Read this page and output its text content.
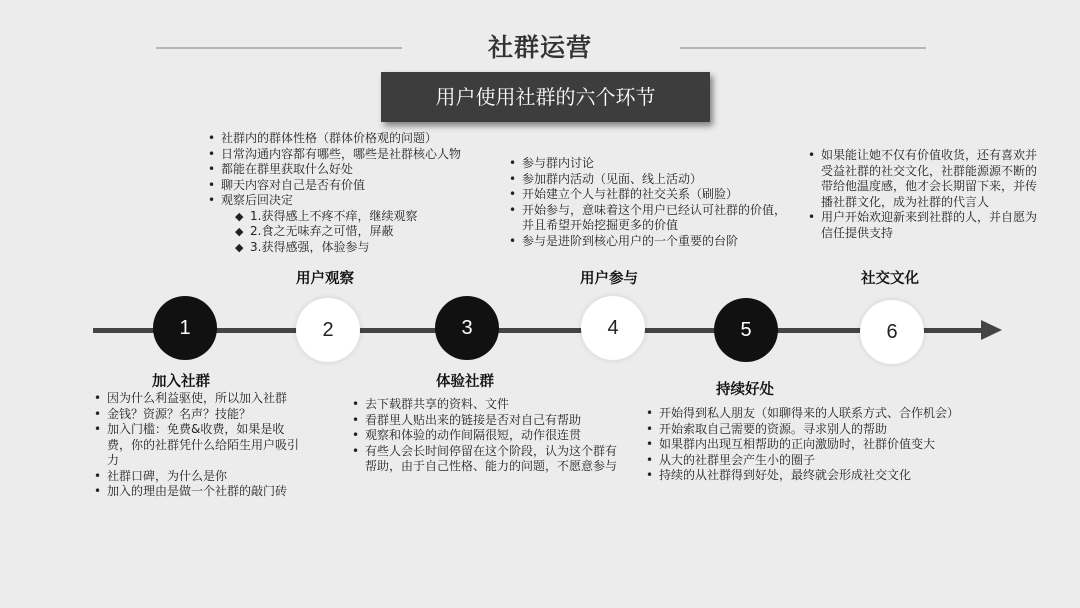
社群运营
用户使用社群的六个环节
• 社群内的群体性格（群体价格观的问题）
• 日常沟通内容都有哪些，哪些是社群核心人物
• 都能在群里获取什么好处
• 聊天内容对自己是否有价值
• 观察后回决定
◆ 1.获得感上不疼不痒，继续观察
◆ 2.食之无味弃之可惜，屏蔽
◆ 3.获得感强，体验参与
• 参与群内讨论
• 参加群内活动（见面、线上活动）
• 开始建立个人与社群的社交关系（刷脸）
• 开始参与，意味着这个用户已经认可社群的价值，并且希望开始挖掘更多的价值
• 参与是进阶到核心用户的一个重要的台阶
• 如果能让她不仅有价值收货，还有喜欢并受益社群的社交文化，社群能源源不断的带给他温度感，他才会长期留下来，并传播社群文化，成为社群的代言人
• 用户开始欢迎新来到社群的人，并自愿为信任提供支持
用户观察	用户参与	社交文化
1	2	3	4	5	6
加入社群	体验社群	持续好处
• 因为什么利益驱使，所以加入社群
• 金钱？资源？名声？技能？
• 加入门槛：免费&收费，如果是收费，你的社群凭什么给陌生用户吸引力
• 社群口碑，为什么是你
• 加入的理由是做一个社群的敲门砖
• 去下载群共享的资料、文件
• 看群里人贴出来的链接是否对自己有帮助
• 观察和体验的动作间隔很短，动作很连贯
• 有些人会长时间停留在这个阶段，认为这个群有帮助，由于自己性格、能力的问题，不愿意参与
• 开始得到私人朋友（如聊得来的人联系方式、合作机会）
• 开始索取自己需要的资源。寻求别人的帮助
• 如果群内出现互相帮助的正向激励时，社群价值变大
• 从大的社群里会产生小的圈子
• 持续的从社群得到好处，最终就会形成社交文化
